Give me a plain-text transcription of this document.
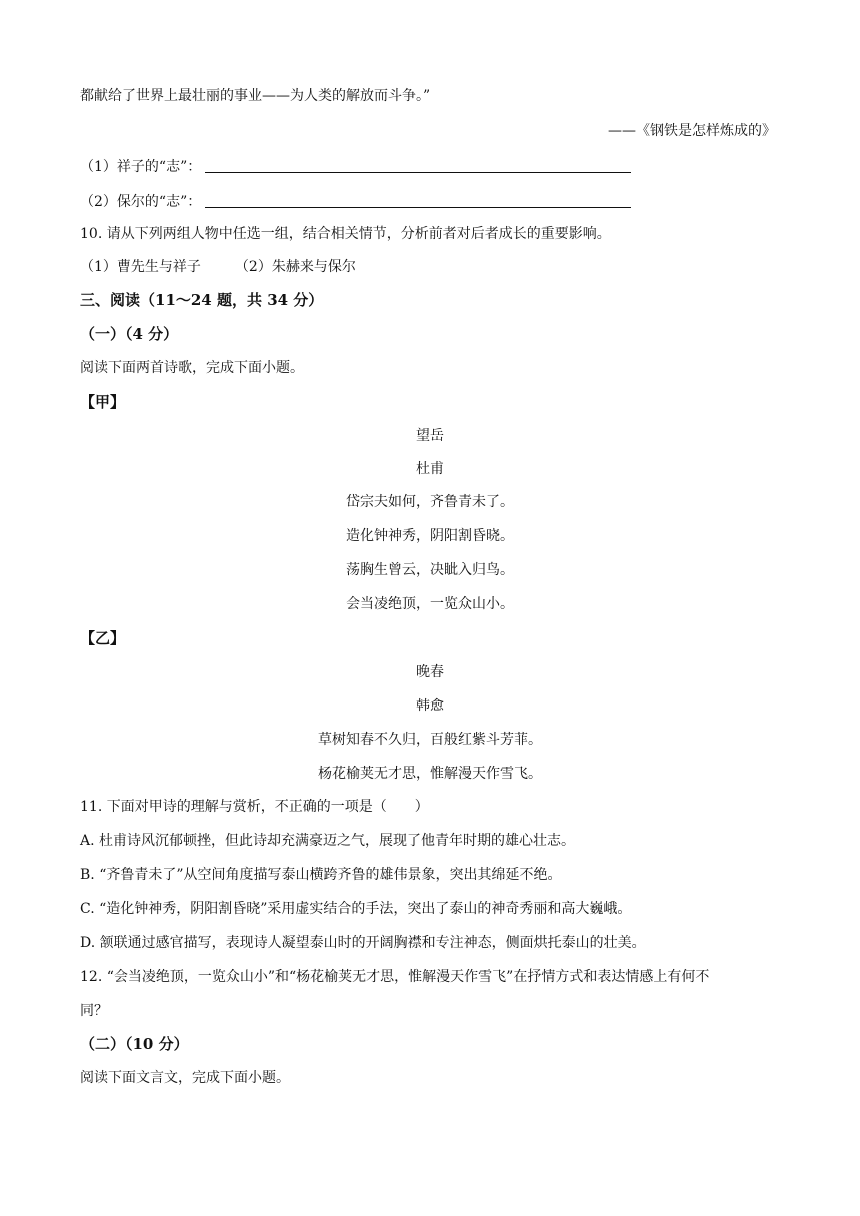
都献给了世界上最壮丽的事业——为人类的解放而斗争。”
——《钢铁是怎样炼成的》
（1）祥子的“志”：
（2）保尔的“志”：
10. 请从下列两组人物中任选一组，结合相关情节，分析前者对后者成长的重要影响。
（1）曹先生与祥子 （2）朱赫来与保尔
三、阅读（11～24 题，共 34 分）
（一）（4 分）
阅读下面两首诗歌，完成下面小题。
【甲】
望岳
杜甫
岱宗夫如何，齐鲁青未了。
造化钟神秀，阴阳割昏晓。
荡胸生曾云，决眦入归鸟。
会当凌绝顶，一览众山小。
【乙】
晚春
韩愈
草树知春不久归，百般红紫斗芳菲。
杨花榆荚无才思，惟解漫天作雪飞。
11. 下面对甲诗的理解与赏析，不正确的一项是（　　）
A. 杜甫诗风沉郁顿挫，但此诗却充满豪迈之气，展现了他青年时期的雄心壮志。
B. “齐鲁青未了”从空间角度描写泰山横跨齐鲁的雄伟景象，突出其绵延不绝。
C. “造化钟神秀，阴阳割昏晓”采用虚实结合的手法，突出了泰山的神奇秀丽和高大巍峨。
D. 颔联通过感官描写，表现诗人凝望泰山时的开阔胸襟和专注神态，侧面烘托泰山的壮美。
12. “会当凌绝顶，一览众山小”和“杨花榆荚无才思，惟解漫天作雪飞”在抒情方式和表达情感上有何不
同？
（二）（10 分）
阅读下面文言文，完成下面小题。
